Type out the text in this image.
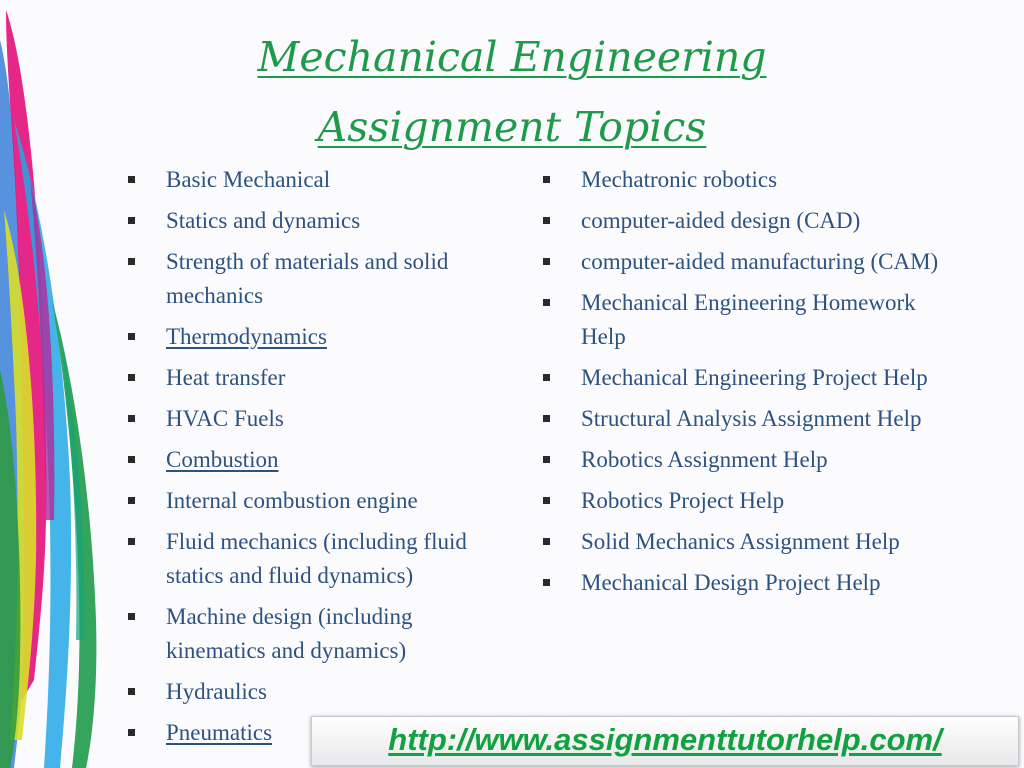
Mechanical Engineering
Assignment Topics
Basic Mechanical
Statics and dynamics
Strength of materials and solid mechanics
Thermodynamics
Heat transfer
HVAC Fuels
Combustion
Internal combustion engine
Fluid mechanics (including fluid statics and fluid dynamics)
Machine design (including kinematics and dynamics)
Hydraulics
Pneumatics
Mechatronic robotics
computer-aided design (CAD)
computer-aided manufacturing (CAM)
Mechanical Engineering Homework Help
Mechanical Engineering Project Help
Structural Analysis Assignment Help
Robotics Assignment Help
Robotics Project Help
Solid Mechanics Assignment Help
Mechanical Design Project Help
http://www.assignmenttutorhelp.com/
